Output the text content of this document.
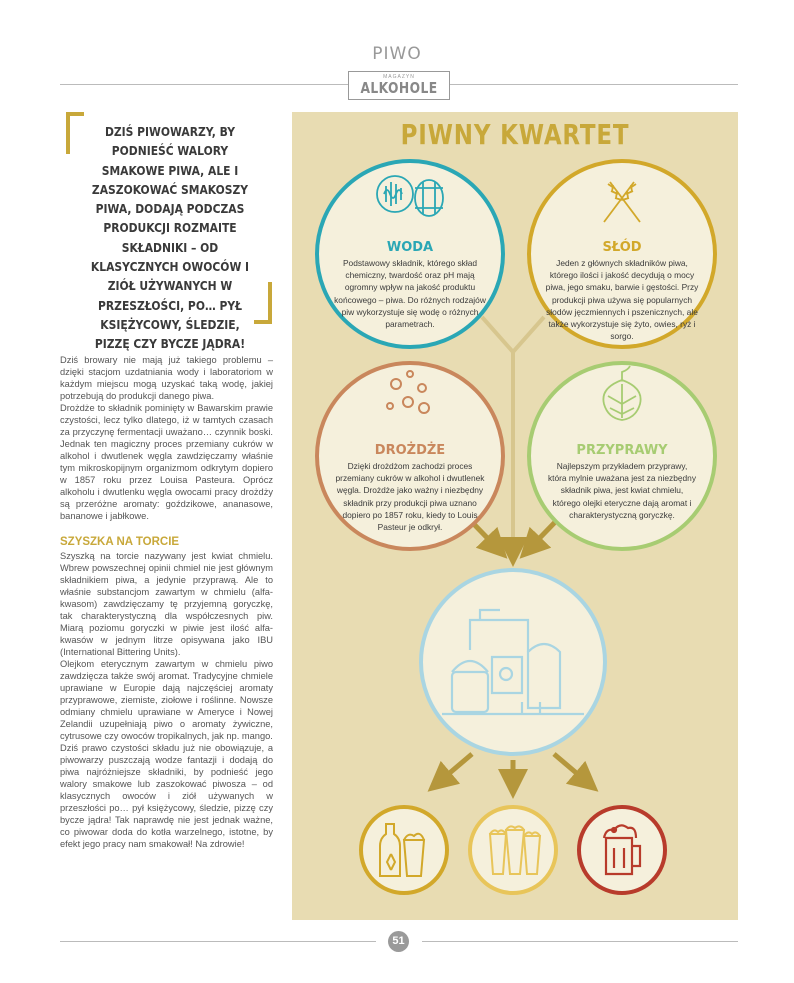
PIWO
MAGAZYN
ALKOHOLE
DZIŚ PIWOWARZY, BY PODNIEŚĆ WALORY SMAKOWE PIWA, ALE I ZASZOKOWAĆ SMAKOSZY PIWA, DODAJĄ PODCZAS PRODUKCJI ROZMAITE SKŁADNIKI – OD KLASYCZNYCH OWOCÓW I ZIÓŁ UŻYWANYCH W PRZESZŁOŚCI, PO… PYŁ KSIĘŻYCOWY, ŚLEDZIE, PIZZĘ CZY BYCZE JĄDRA!

Dziś browary nie mają już takiego problemu – dzięki stacjom uzdatniania wody i laboratoriom w każdym miejscu mogą uzyskać taką wodę, jakiej potrzebują do produkcji danego piwa.

Drożdże to składnik pominięty w Bawarskim prawie czystości, lecz tylko dlatego, iż w tamtych czasach za przyczynę fermentacji uważano… czynnik boski. Jednak ten magiczny proces przemiany cukrów w alkohol i dwutlenek węgla zawdzięczamy właśnie tym mikroskopijnym organizmom odkrytym dopiero w 1857 roku przez Louisa Pasteura. Oprócz alkoholu i dwutlenku węgla owocami pracy drożdży są przeróżne aromaty: goździkowe, ananasowe, bananowe i jabłkowe.

SZYSZKA NA TORCIE

Szyszką na torcie nazywany jest kwiat chmielu. Wbrew powszechnej opinii chmiel nie jest głównym składnikiem piwa, a jedynie przyprawą. Ale to właśnie substancjom zawartym w chmielu (alfa-kwasom) zawdzięczamy tę przyjemną goryczkę, tak charakterystyczną dla współczesnych piw. Miarą poziomu goryczki w piwie jest ilość alfa-kwasów w jednym litrze opisywana jako IBU (International Bittering Units).

Olejkom eterycznym zawartym w chmielu piwo zawdzięcza także swój aromat. Tradycyjne chmiele uprawiane w Europie dają najczęściej aromaty przyprawowe, ziemiste, ziołowe i roślinne. Nowsze odmiany chmielu uprawiane w Ameryce i Nowej Zelandii uzupełniają piwo o aromaty żywiczne, cytrusowe czy owoców tropikalnych, jak np. mango.

Dziś prawo czystości składu już nie obowiązuje, a piwowarzy puszczają wodze fantazji i dodają do piwa najróżniejsze składniki, by podnieść jego walory smakowe lub zaszokować piwosza – od klasycznych owoców i ziół używanych w przeszłości po… pył księżycowy, śledzie, pizzę czy bycze jądra! Tak naprawdę nie jest jednak ważne, co piwowar doda do kotła warzelnego, istotne, by efekt jego pracy nam smakował! Na zdrowie!

PIWNY KWARTET
WODA
Podstawowy składnik, którego skład chemiczny, twardość oraz pH mają ogromny wpływ na jakość produktu końcowego – piwa. Do różnych rodzajów piw wykorzystuje się wodę o różnych parametrach.
SŁÓD
Jeden z głównych składników piwa, którego ilości i jakość decydują o mocy piwa, jego smaku, barwie i gęstości. Przy produkcji piwa używa się popularnych słodów jęczmiennych i pszenicznych, ale także wykorzystuje się żyto, owies, ryż i sorgo.
DROŻDŻE
Dzięki drożdżom zachodzi proces przemiany cukrów w alkohol i dwutlenek węgla. Drożdże jako ważny i niezbędny składnik przy produkcji piwa uznano dopiero po 1857 roku, kiedy to Louis Pasteur je odkrył.
PRZYPRAWY
Najlepszym przykładem przyprawy, która mylnie uważana jest za niezbędny składnik piwa, jest kwiat chmielu, którego olejki eteryczne dają aromat i charakterystyczną goryczkę.
51
